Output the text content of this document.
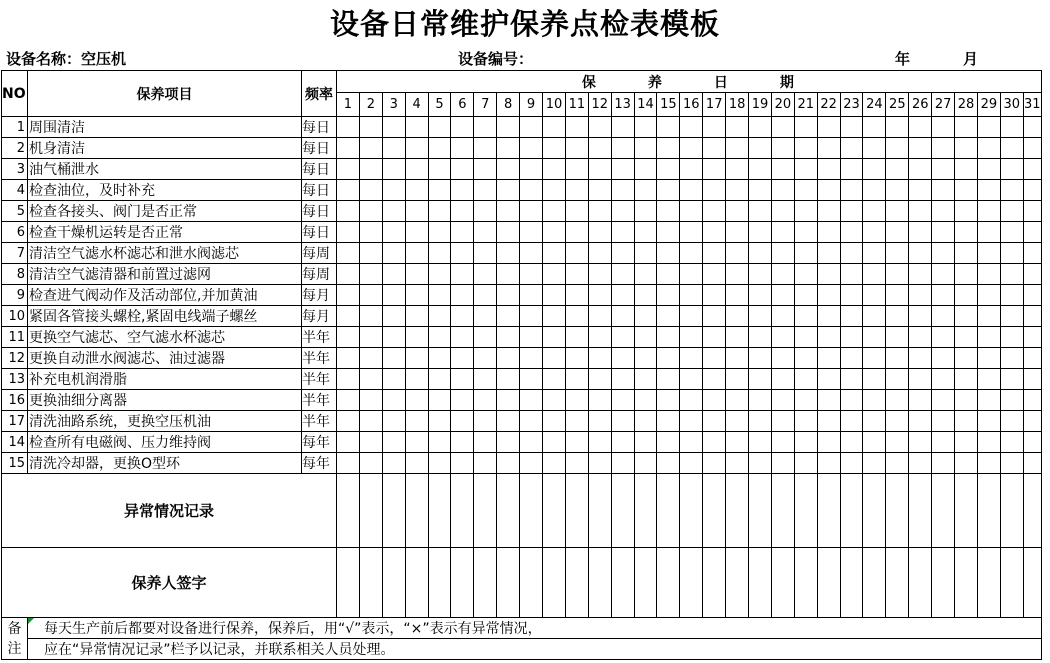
设备日常维护保养点检表模板
设备名称：空压机	设备编号：	年	月
NO	保养项目	频率	保 养 日 期																														
			1	2	3	4	5	6	7	8	9	10	11	12	13	14	15	16	17	18	19	20	21	22	23	24	25	26	27	28	29	30	31
1	周围清洁	每日																															
2	机身清洁	每日																															
3	油气桶泄水	每日																															
4	检查油位，及时补充	每日																															
5	检查各接头、阀门是否正常	每日																															
6	检查干燥机运转是否正常	每日																															
7	清洁空气滤水杯滤芯和泄水阀滤芯	每周																															
8	清洁空气滤清器和前置过滤网	每周																															
9	检查进气阀动作及活动部位,并加黄油	每月																															
10	紧固各管接头螺栓,紧固电线端子螺丝	每月																															
11	更换空气滤芯、空气滤水杯滤芯	半年																															
12	更换自动泄水阀滤芯、油过滤器	半年																															
13	补充电机润滑脂	半年																															
16	更换油细分离器	半年																															
17	清洗油路系统，更换空压机油	半年																															
14	检查所有电磁阀、压力维持阀	每年																															
15	清洗冷却器，更换O型环	每年																															
异常情况记录																																	
保养人签字																																	
备注	每天生产前后都要对设备进行保养，保养后，用“√”表示，“×”表示有异常情况，																																

	应在“异常情况记录”栏予以记录，并联系相关人员处理。																																
